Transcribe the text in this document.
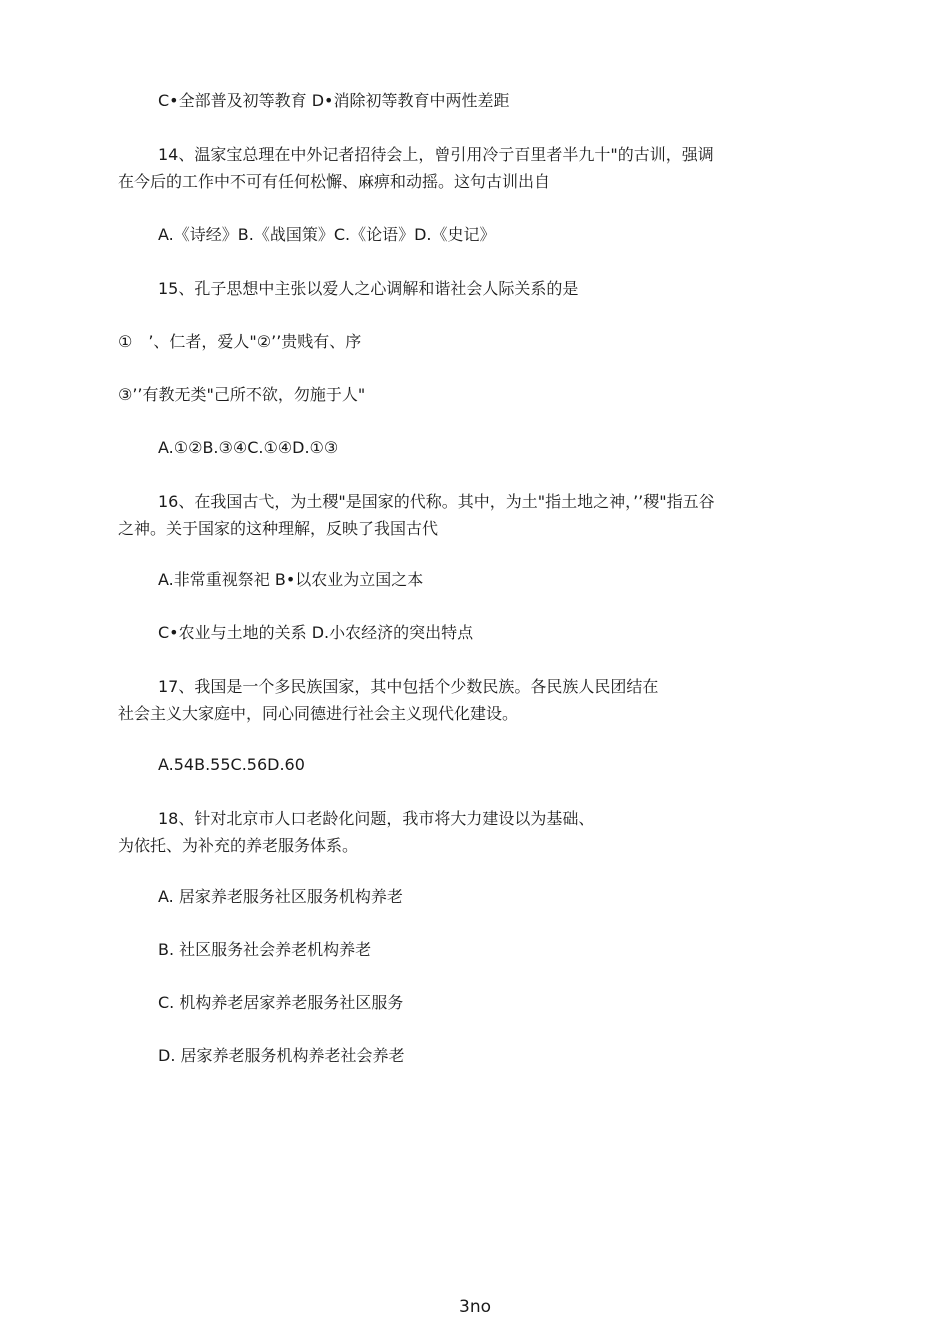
C•全部普及初等教育 D•消除初等教育中两性差距
14、温家宝总理在中外记者招待会上，曾引用冷亍百里者半九十"的古训，强调
在今后的工作中不可有任何松懈、麻痹和动摇。这句古训出自
A.《诗经》B.《战国策》C.《论语》D.《史记》
15、孔子思想中主张以爱人之心调解和谐社会人际关系的是
①　’、仁者，爱人"②’’贵贱有、序
③’’有教无类"己所不欲，勿施于人"
A.①②B.③④C.①④D.①③
16、在我国古弋，为土稷"是国家的代称。其中，为土"指土地之神，’’稷"指五谷
之神。关于国家的这种理解，反映了我国古代
A.非常重视祭祀 B•以农业为立国之本
C•农业与土地的关系 D.小农经济的突出特点
17、我国是一个多民族国家，其中包括个少数民族。各民族人民团结在
社会主义大家庭中，同心同德进行社会主义现代化建设。
A.54B.55C.56D.60
18、针对北京市人口老龄化问题，我市将大力建设以为基础、
为依托、为补充的养老服务体系。
A. 居家养老服务社区服务机构养老
B. 社区服务社会养老机构养老
C. 机构养老居家养老服务社区服务
D. 居家养老服务机构养老社会养老
3no
